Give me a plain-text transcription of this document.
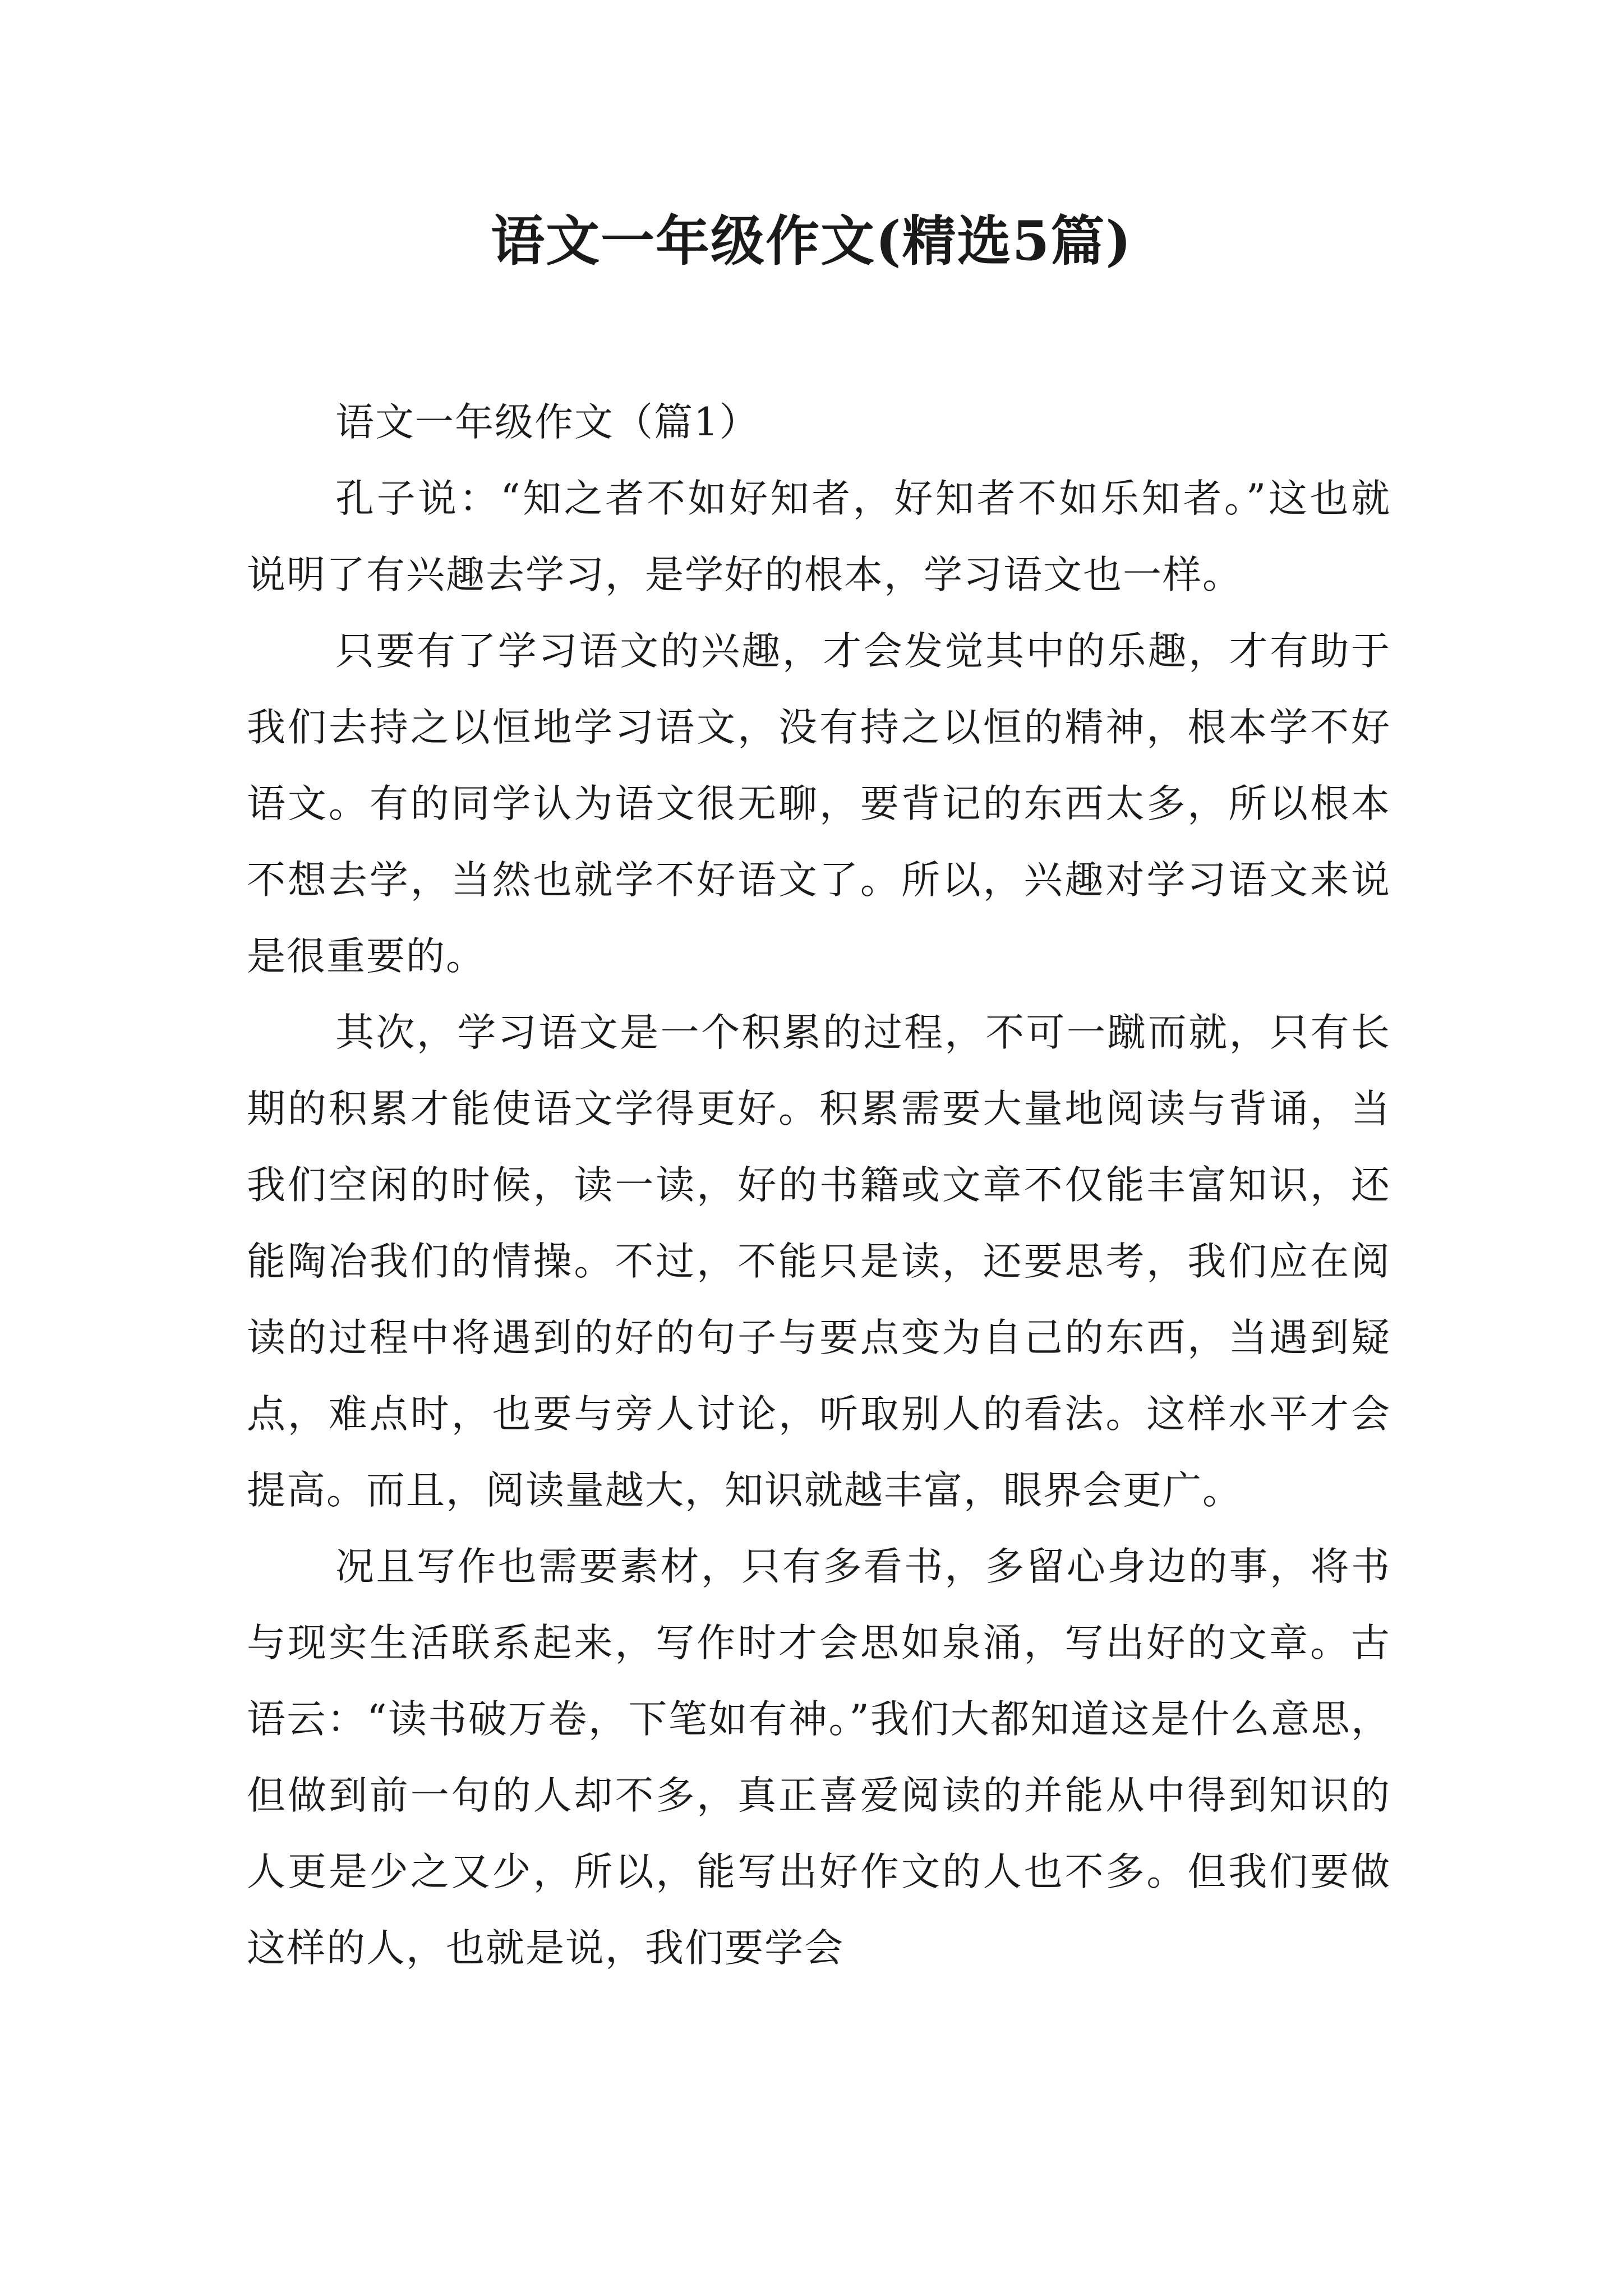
语文一年级作文(精选5篇)

语文一年级作文（篇1）

孔子说：“知之者不如好知者，好知者不如乐知者。”这也就说明了有兴趣去学习，是学好的根本，学习语文也一样。

只要有了学习语文的兴趣，才会发觉其中的乐趣，才有助于我们去持之以恒地学习语文，没有持之以恒的精神，根本学不好语文。有的同学认为语文很无聊，要背记的东西太多，所以根本不想去学，当然也就学不好语文了。所以，兴趣对学习语文来说是很重要的。

其次，学习语文是一个积累的过程，不可一蹴而就，只有长期的积累才能使语文学得更好。积累需要大量地阅读与背诵，当我们空闲的时候，读一读，好的书籍或文章不仅能丰富知识，还能陶冶我们的情操。不过，不能只是读，还要思考，我们应在阅读的过程中将遇到的好的句子与要点变为自己的东西，当遇到疑点，难点时，也要与旁人讨论，听取别人的看法。这样水平才会提高。而且，阅读量越大，知识就越丰富，眼界会更广。

况且写作也需要素材，只有多看书，多留心身边的事，将书与现实生活联系起来，写作时才会思如泉涌，写出好的文章。古语云：“读书破万卷，下笔如有神。”我们大都知道这是什么意思，但做到前一句的人却不多，真正喜爱阅读的并能从中得到知识的人更是少之又少，所以，能写出好作文的人也不多。但我们要做这样的人，也就是说，我们要学会
